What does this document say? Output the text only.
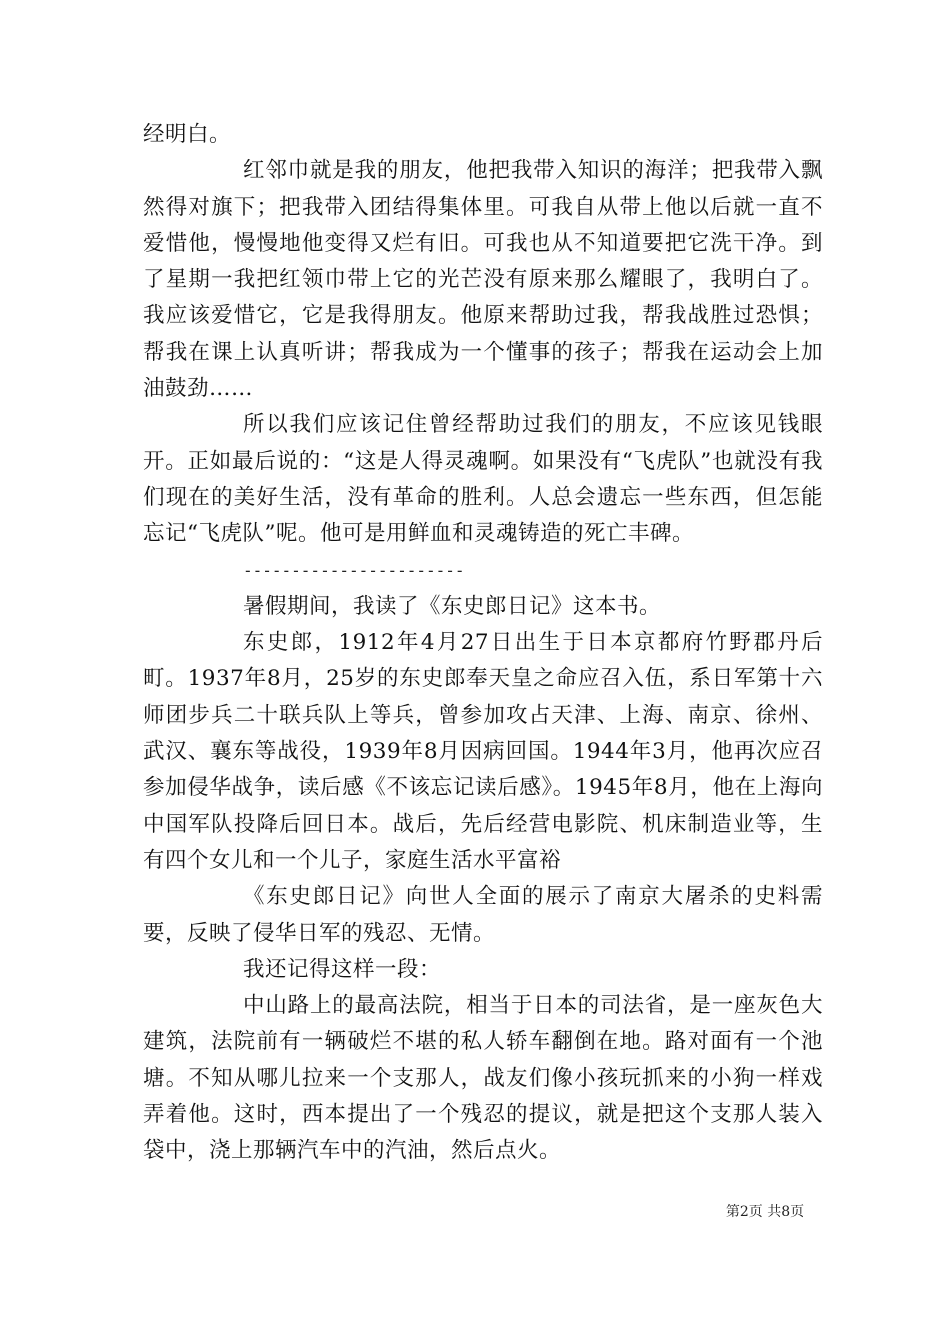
经明白。

红邻巾就是我的朋友，他把我带入知识的海洋；把我带入飘然得对旗下；把我带入团结得集体里。可我自从带上他以后就一直不爱惜他，慢慢地他变得又烂有旧。可我也从不知道要把它洗干净。到了星期一我把红领巾带上它的光芒没有原来那么耀眼了，我明白了。我应该爱惜它，它是我得朋友。他原来帮助过我，帮我战胜过恐惧；帮我在课上认真听讲；帮我成为一个懂事的孩子；帮我在运动会上加油鼓劲……

所以我们应该记住曾经帮助过我们的朋友，不应该见钱眼开。正如最后说的：“这是人得灵魂啊。如果没有“飞虎队”也就没有我们现在的美好生活，没有革命的胜利。人总会遗忘一些东西，但怎能忘记“飞虎队”呢。他可是用鲜血和灵魂铸造的死亡丰碑。

-----------------------

暑假期间，我读了《东史郎日记》这本书。

东史郎，1912年4月27日出生于日本京都府竹野郡丹后町。1937年8月，25岁的东史郎奉天皇之命应召入伍，系日军第十六师团步兵二十联兵队上等兵，曾参加攻占天津、上海、南京、徐州、武汉、襄东等战役，1939年8月因病回国。1944年3月，他再次应召参加侵华战争，读后感《不该忘记读后感》。1945年8月，他在上海向中国军队投降后回日本。战后，先后经营电影院、机床制造业等，生有四个女儿和一个儿子，家庭生活水平富裕

《东史郎日记》向世人全面的展示了南京大屠杀的史料需要，反映了侵华日军的残忍、无情。

我还记得这样一段：

中山路上的最高法院，相当于日本的司法省，是一座灰色大建筑，法院前有一辆破烂不堪的私人轿车翻倒在地。路对面有一个池塘。不知从哪儿拉来一个支那人，战友们像小孩玩抓来的小狗一样戏弄着他。这时，西本提出了一个残忍的提议，就是把这个支那人装入袋中，浇上那辆汽车中的汽油，然后点火。

第2页 共8页
